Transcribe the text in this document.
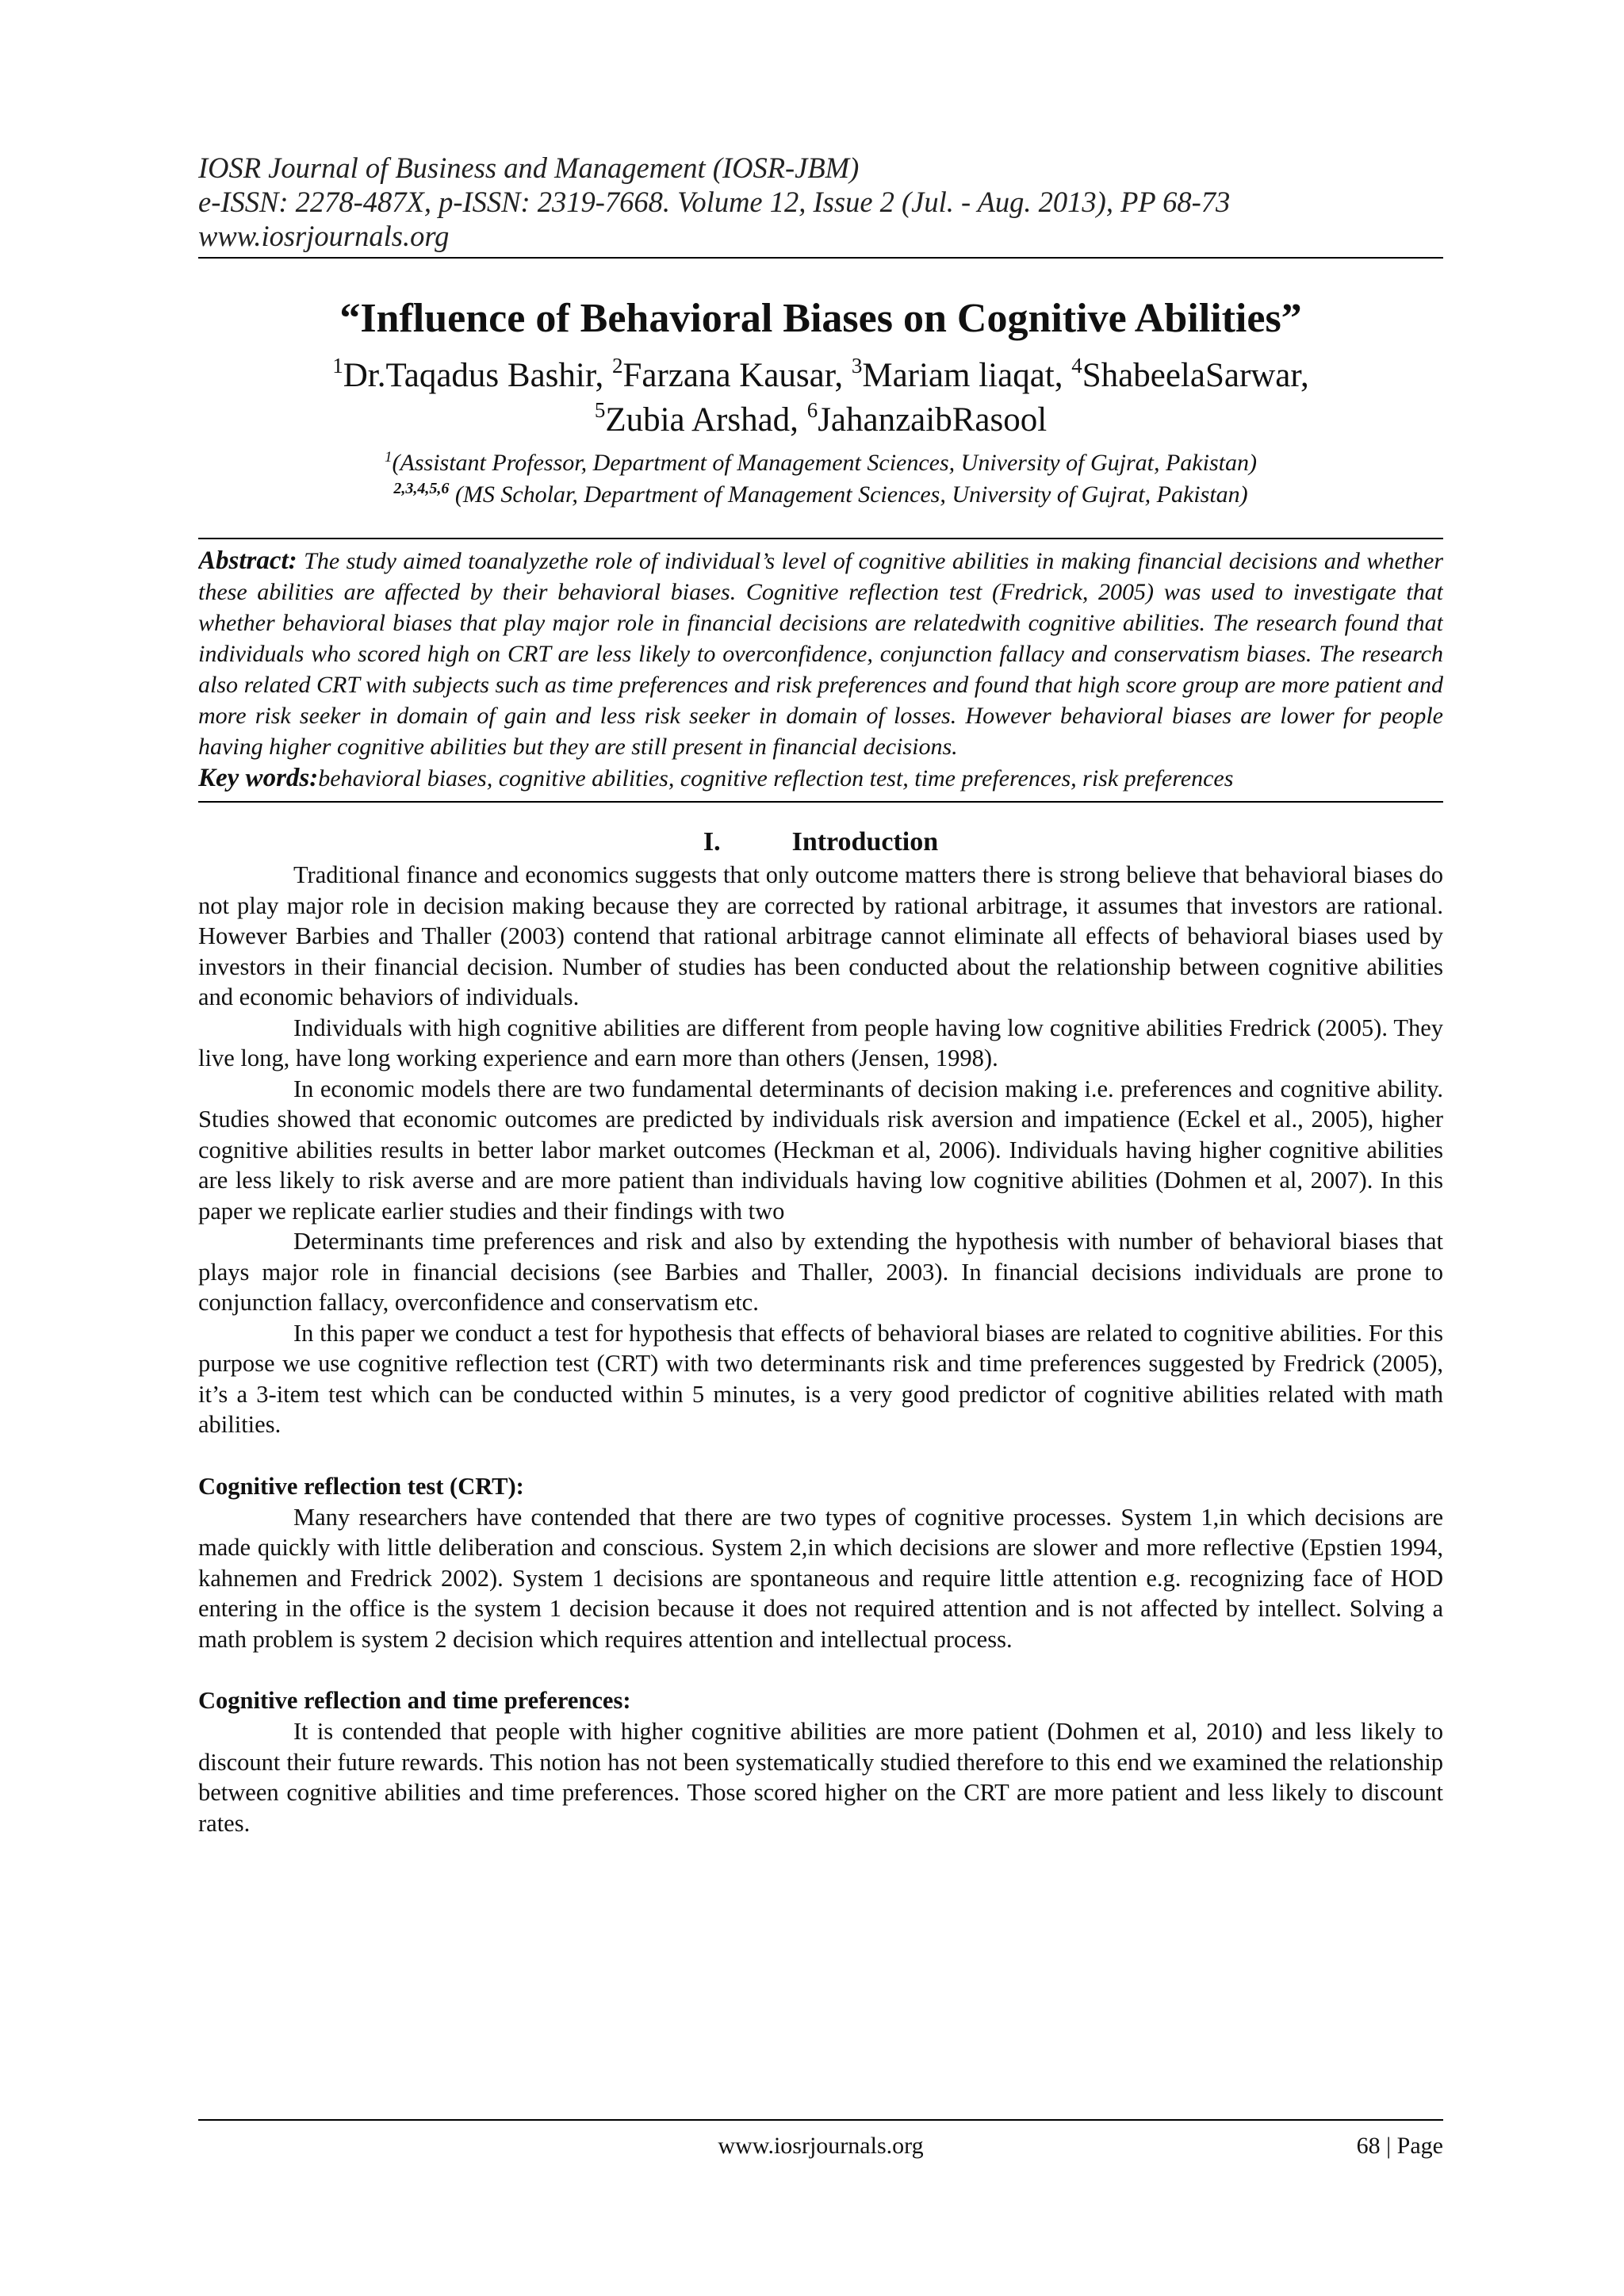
IOSR Journal of Business and Management (IOSR-JBM)
e-ISSN: 2278-487X, p-ISSN: 2319-7668. Volume 12, Issue 2 (Jul. - Aug. 2013), PP 68-73
www.iosrjournals.org
“Influence of Behavioral Biases on Cognitive Abilities”
$^1$Dr.Taqadus Bashir, $^2$Farzana Kausar, $^3$Mariam liaqat, $^4$ShabeelaSarwar,
$^5$Zubia Arshad, $^6$JahanzaibRasool
$^1$(Assistant Professor, Department of Management Sciences, University of Gujrat, Pakistan)
$^{2,3,4,5,6}$ (MS Scholar, Department of Management Sciences, University of Gujrat, Pakistan)
Abstract: The study aimed toanalyzethe role of individual’s level of cognitive abilities in making financial decisions and whether these abilities are affected by their behavioral biases. Cognitive reflection test (Fredrick, 2005) was used to investigate that whether behavioral biases that play major role in financial decisions are relatedwith cognitive abilities. The research found that individuals who scored high on CRT are less likely to overconfidence, conjunction fallacy and conservatism biases. The research also related CRT with subjects such as time preferences and risk preferences and found that high score group are more patient and more risk seeker in domain of gain and less risk seeker in domain of losses. However behavioral biases are lower for people having higher cognitive abilities but they are still present in financial decisions.
Key words:behavioral biases, cognitive abilities, cognitive reflection test, time preferences, risk preferences
I.	Introduction

Traditional finance and economics suggests that only outcome matters there is strong believe that behavioral biases do not play major role in decision making because they are corrected by rational arbitrage, it assumes that investors are rational. However Barbies and Thaller (2003) contend that rational arbitrage cannot eliminate all effects of behavioral biases used by investors in their financial decision. Number of studies has been conducted about the relationship between cognitive abilities and economic behaviors of individuals.

Individuals with high cognitive abilities are different from people having low cognitive abilities Fredrick (2005). They live long, have long working experience and earn more than others (Jensen, 1998).

In economic models there are two fundamental determinants of decision making i.e. preferences and cognitive ability. Studies showed that economic outcomes are predicted by individuals risk aversion and impatience (Eckel et al., 2005), higher cognitive abilities results in better labor market outcomes (Heckman et al, 2006). Individuals having higher cognitive abilities are less likely to risk averse and are more patient than individuals having low cognitive abilities (Dohmen et al, 2007). In this paper we replicate earlier studies and their findings with two

Determinants time preferences and risk and also by extending the hypothesis with number of behavioral biases that plays major role in financial decisions (see Barbies and Thaller, 2003). In financial decisions individuals are prone to conjunction fallacy, overconfidence and conservatism etc.

In this paper we conduct a test for hypothesis that effects of behavioral biases are related to cognitive abilities. For this purpose we use cognitive reflection test (CRT) with two determinants risk and time preferences suggested by Fredrick (2005), it’s a 3-item test which can be conducted within 5 minutes, is a very good predictor of cognitive abilities related with math abilities.

Cognitive reflection test (CRT):

Many researchers have contended that there are two types of cognitive processes. System 1,in which decisions are made quickly with little deliberation and conscious. System 2,in which decisions are slower and more reflective (Epstien 1994, kahnemen and Fredrick 2002). System 1 decisions are spontaneous and require little attention e.g. recognizing face of HOD entering in the office is the system 1 decision because it does not required attention and is not affected by intellect. Solving a math problem is system 2 decision which requires attention and intellectual process.

Cognitive reflection and time preferences:

It is contended that people with higher cognitive abilities are more patient (Dohmen et al, 2010) and less likely to discount their future rewards. This notion has not been systematically studied therefore to this end we examined the relationship between cognitive abilities and time preferences. Those scored higher on the CRT are more patient and less likely to discount rates.

www.iosrjournals.org	68 | Page
